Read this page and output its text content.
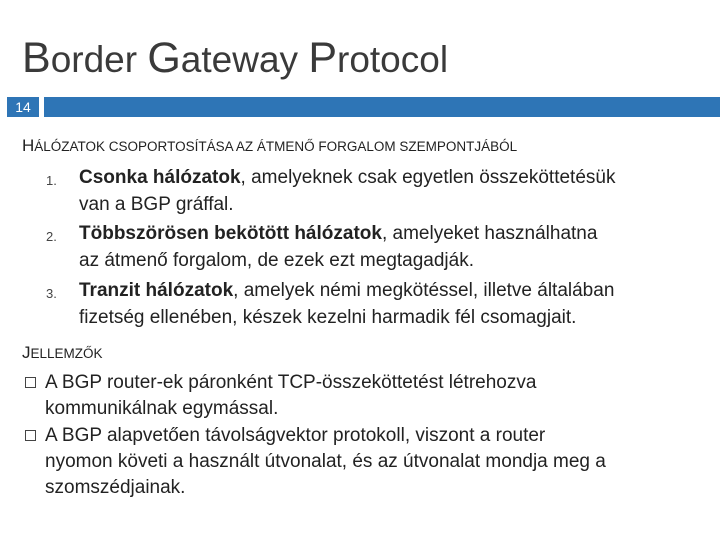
Border Gateway Protocol
14
HÁLÓZATOK CSOPORTOSÍTÁSA AZ ÁTMENŐ FORGALOM SZEMPONTJÁBÓL
1. Csonka hálózatok, amelyeknek csak egyetlen összeköttetésük
van a BGP gráffal.
2. Többszörösen bekötött hálózatok, amelyeket használhatna
az átmenő forgalom, de ezek ezt megtagadják.
3. Tranzit hálózatok, amelyek némi megkötéssel, illetve általában
fizetség ellenében, készek kezelni harmadik fél csomagjait.
JELLEMZŐK
A BGP router-ek páronként TCP-összeköttetést létrehozva
kommunikálnak egymással.
A BGP alapvetően távolságvektor protokoll, viszont a router
nyomon követi a használt útvonalat, és az útvonalat mondja meg a
szomszédjainak.
